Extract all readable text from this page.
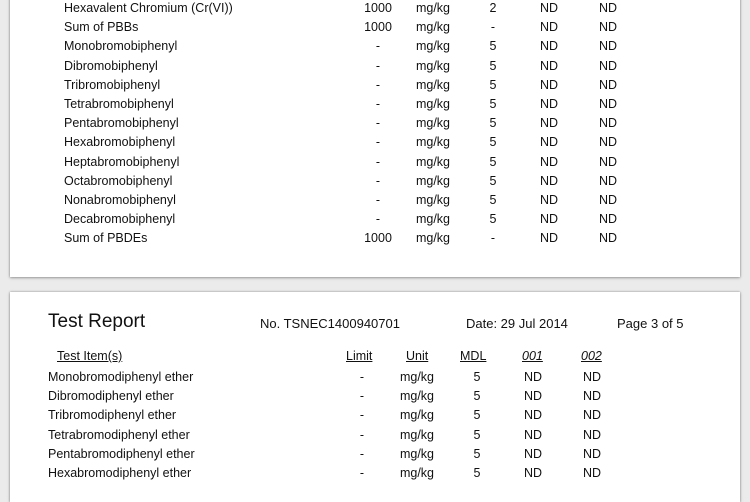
Hexavalent Chromium (Cr(VI))	1000	mg/kg	2	ND	ND
Sum of PBBs	1000	mg/kg	-	ND	ND
Monobromobiphenyl	-	mg/kg	5	ND	ND
Dibromobiphenyl	-	mg/kg	5	ND	ND
Tribromobiphenyl	-	mg/kg	5	ND	ND
Tetrabromobiphenyl	-	mg/kg	5	ND	ND
Pentabromobiphenyl	-	mg/kg	5	ND	ND
Hexabromobiphenyl	-	mg/kg	5	ND	ND
Heptabromobiphenyl	-	mg/kg	5	ND	ND
Octabromobiphenyl	-	mg/kg	5	ND	ND
Nonabromobiphenyl	-	mg/kg	5	ND	ND
Decabromobiphenyl	-	mg/kg	5	ND	ND
Sum of PBDEs	1000	mg/kg	-	ND	ND
Test Report	No. TSNEC1400940701	Date: 29 Jul 2014	Page 3 of 5
Test Item(s)	Limit	Unit	MDL	001	002
Monobromodiphenyl ether	-	mg/kg	5	ND	ND
Dibromodiphenyl ether	-	mg/kg	5	ND	ND
Tribromodiphenyl ether	-	mg/kg	5	ND	ND
Tetrabromodiphenyl ether	-	mg/kg	5	ND	ND
Pentabromodiphenyl ether	-	mg/kg	5	ND	ND
Hexabromodiphenyl ether	-	mg/kg	5	ND	ND
